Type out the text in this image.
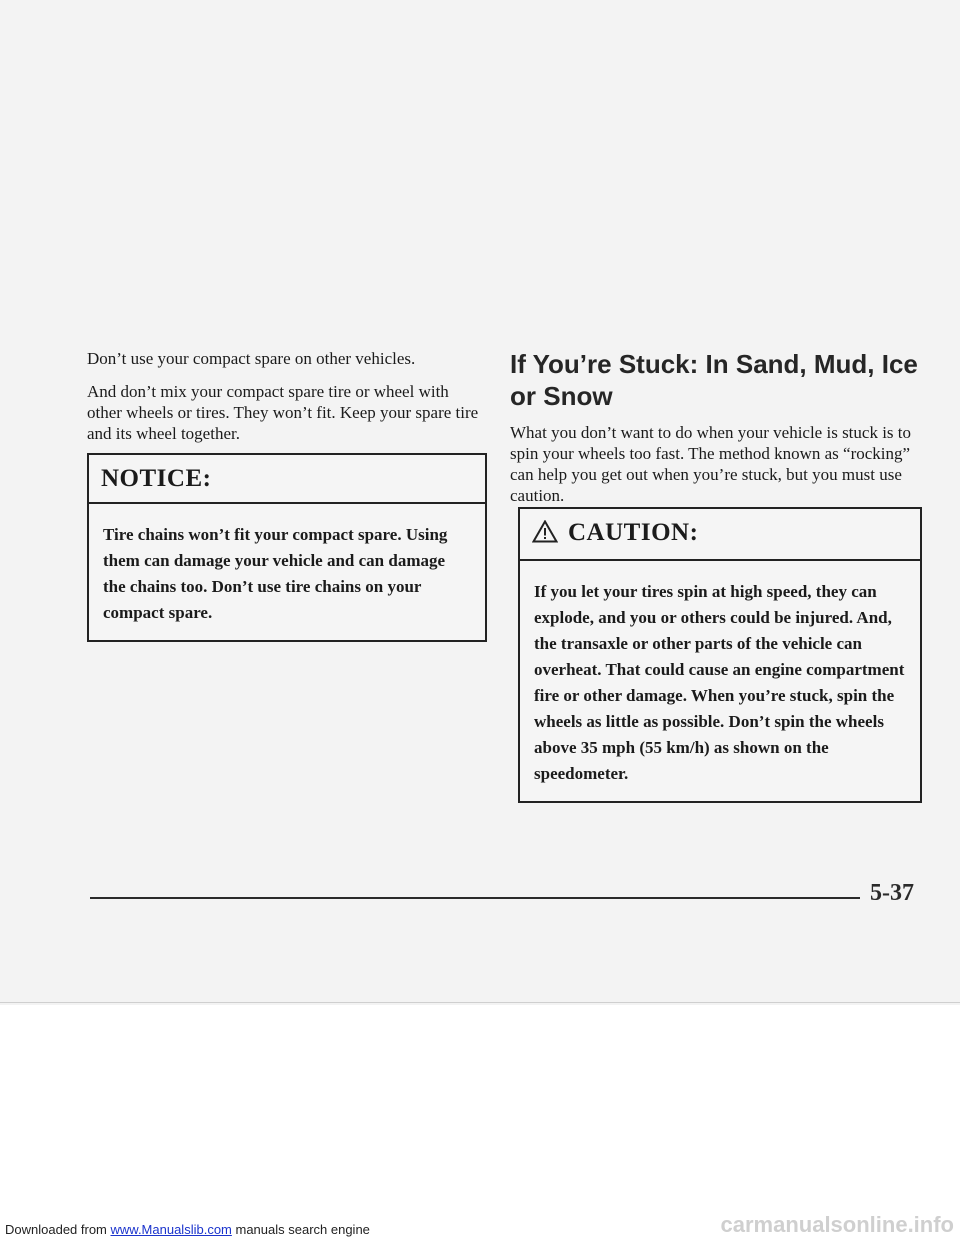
Don’t use your compact spare on other vehicles.

And don’t mix your compact spare tire or wheel with other wheels or tires. They won’t fit. Keep your spare tire and its wheel together.

NOTICE:
Tire chains won’t fit your compact spare. Using them can damage your vehicle and can damage the chains too. Don’t use tire chains on your compact spare.
If You’re Stuck: In Sand, Mud, Ice or Snow

What you don’t want to do when your vehicle is stuck is to spin your wheels too fast. The method known as “rocking” can help you get out when you’re stuck, but you must use caution.

CAUTION:
If you let your tires spin at high speed, they can explode, and you or others could be injured. And, the transaxle or other parts of the vehicle can overheat. That could cause an engine compartment fire or other damage. When you’re stuck, spin the wheels as little as possible. Don’t spin the wheels above 35 mph (55 km/h) as shown on the speedometer.
5-37
Downloaded from www.Manualslib.com manuals search engine	carmanualsonline.info
